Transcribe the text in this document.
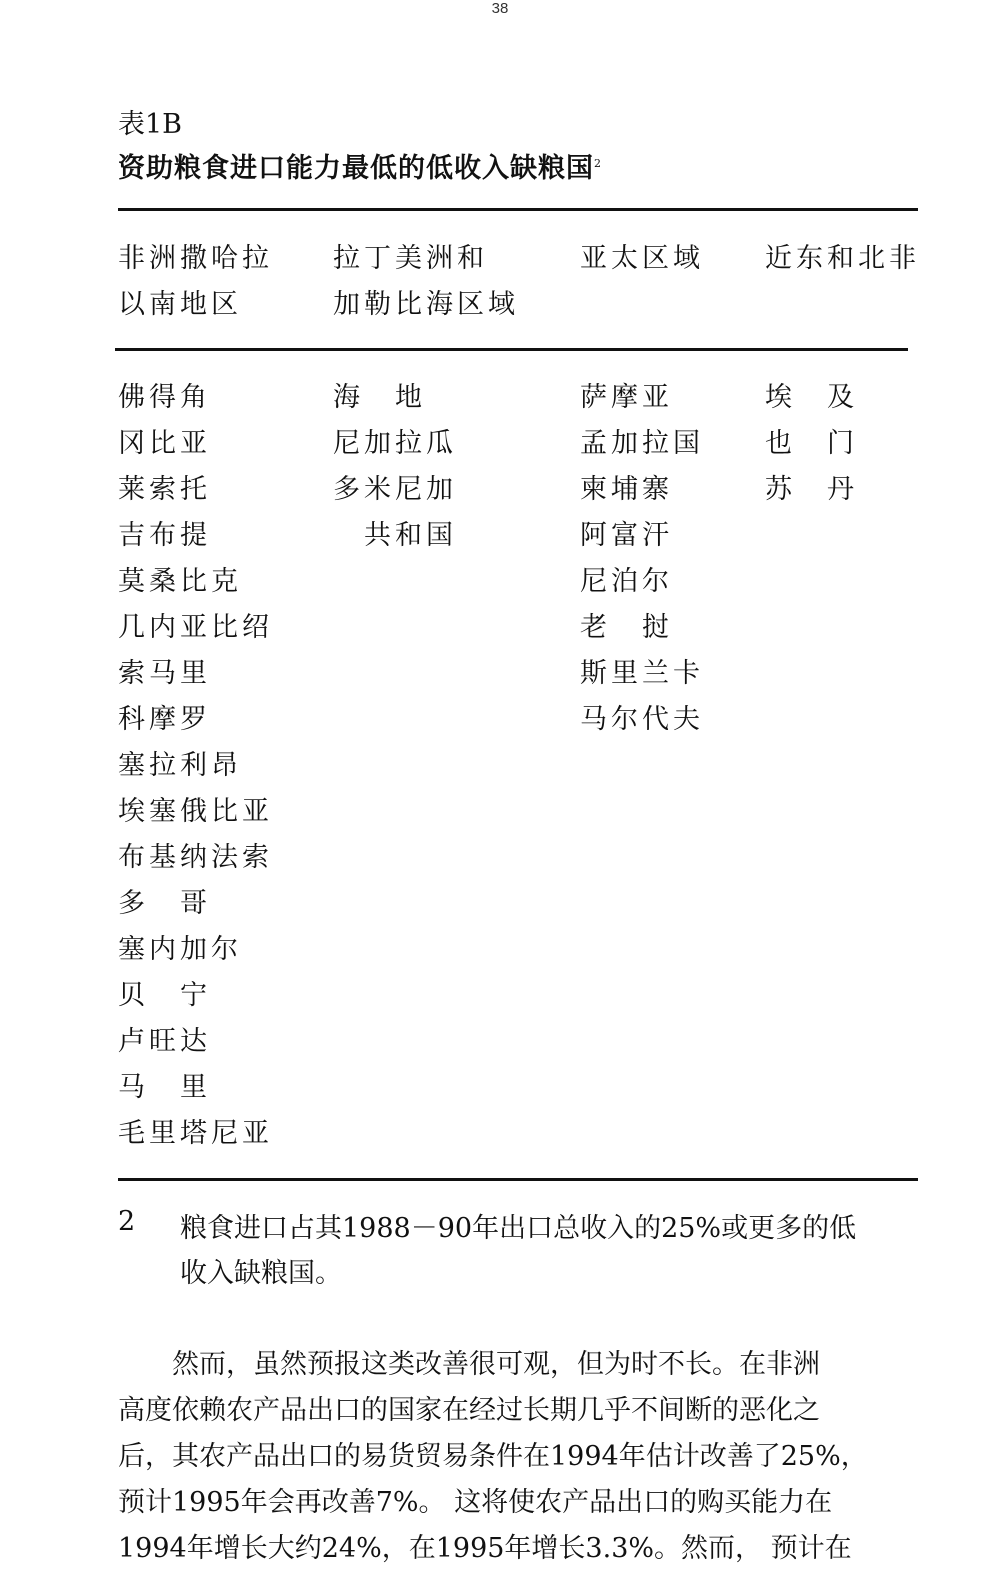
38
表1B
资助粮食进口能力最低的低收入缺粮国$^2$
非洲撒哈拉
以南地区
拉丁美洲和
加勒比海区域
亚太区域 近东和北非
佛得角
冈比亚
莱索托
吉布提
莫桑比克
几内亚比绍
索马里
科摩罗
塞拉利昂
埃塞俄比亚
布基纳法索
多　哥
塞内加尔
贝　宁
卢旺达
马　里
毛里塔尼亚
海　地
尼加拉瓜
多米尼加
　共和国
萨摩亚
孟加拉国
柬埔寨
阿富汗
尼泊尔
老　挝
斯里兰卡
马尔代夫
埃　及
也　门
苏　丹
2 粮食进口占其1988－90年出口总收入的25%或更多的低
收入缺粮国。
　　然而，虽然预报这类改善很可观，但为时不长。在非洲
高度依赖农产品出口的国家在经过长期几乎不间断的恶化之
后，其农产品出口的易货贸易条件在1994年估计改善了25%，
预计1995年会再改善7%。 这将使农产品出口的购买能力在
1994年增长大约24%，在1995年增长3.3%。然而， 预计在
